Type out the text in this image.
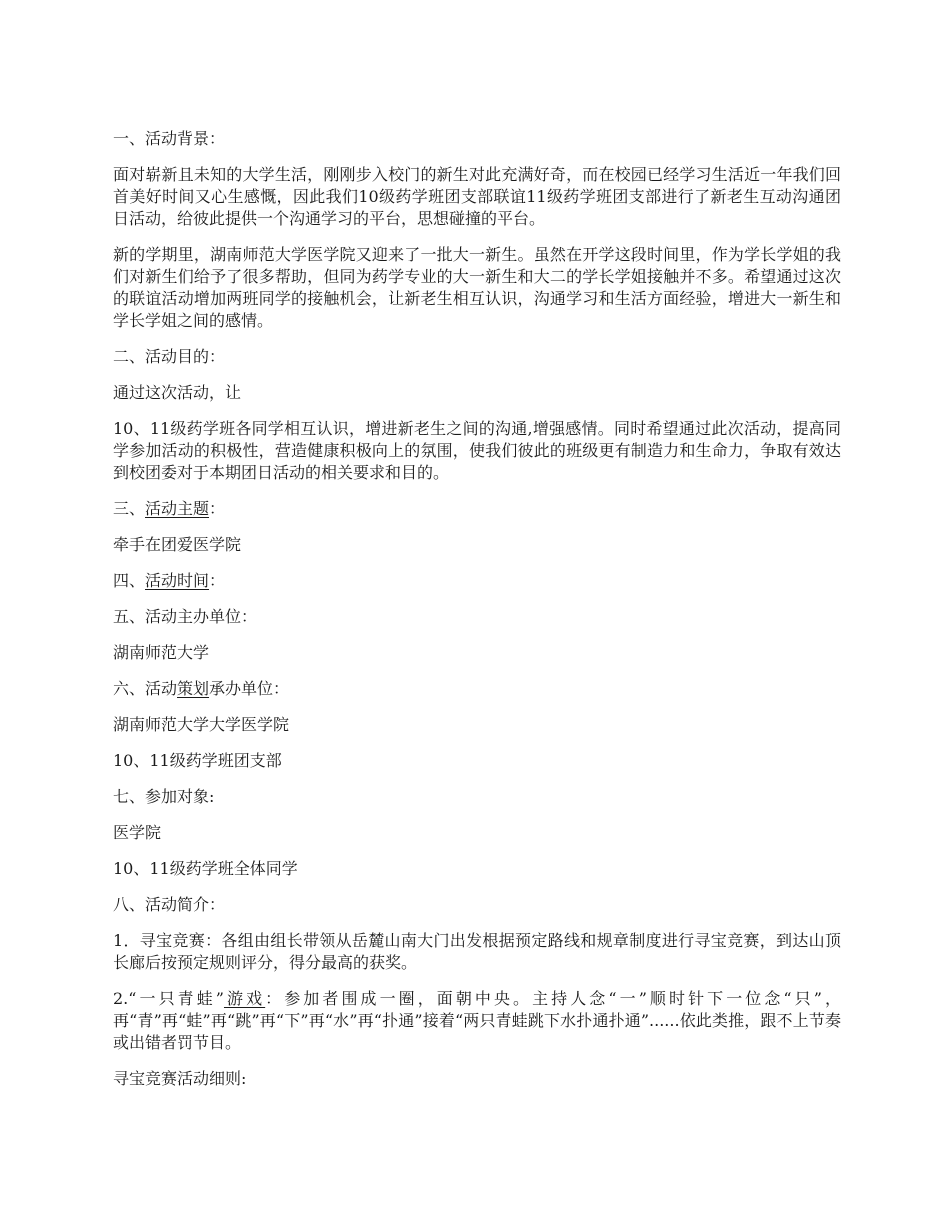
一、活动背景：

面对崭新且未知的大学生活，刚刚步入校门的新生对此充满好奇，而在校园已经学习生活近一年我们回首美好时间又心生感慨，因此我们10级药学班团支部联谊11级药学班团支部进行了新老生互动沟通团日活动，给彼此提供一个沟通学习的平台，思想碰撞的平台。

新的学期里，湖南师范大学医学院又迎来了一批大一新生。虽然在开学这段时间里，作为学长学姐的我们对新生们给予了很多帮助，但同为药学专业的大一新生和大二的学长学姐接触并不多。希望通过这次的联谊活动增加两班同学的接触机会，让新老生相互认识，沟通学习和生活方面经验，增进大一新生和学长学姐之间的感情。

二、活动目的：

通过这次活动，让

10、11级药学班各同学相互认识，增进新老生之间的沟通,增强感情。同时希望通过此次活动，提高同学参加活动的积极性，营造健康积极向上的氛围，使我们彼此的班级更有制造力和生命力，争取有效达到校团委对于本期团日活动的相关要求和目的。

三、活动主题：

牵手在团爱医学院

四、活动时间：

五、活动主办单位：

湖南师范大学

六、活动策划承办单位：

湖南师范大学大学医学院

10、11级药学班团支部

七、参加对象:

医学院

10、11级药学班全体同学

八、活动简介：

1．寻宝竞赛：各组由组长带领从岳麓山南大门出发根据预定路线和规章制度进行寻宝竞赛，到达山顶长廊后按预定规则评分，得分最高的获奖。

2.“一只青蛙”游戏：参加者围成一圈，面朝中央。主持人念“一”顺时针下一位念“只”，再“青”再“蛙”再“跳”再“下”再“水”再“扑通”接着“两只青蛙跳下水扑通扑通”......依此类推，跟不上节奏或出错者罚节目。

寻宝竞赛活动细则:
